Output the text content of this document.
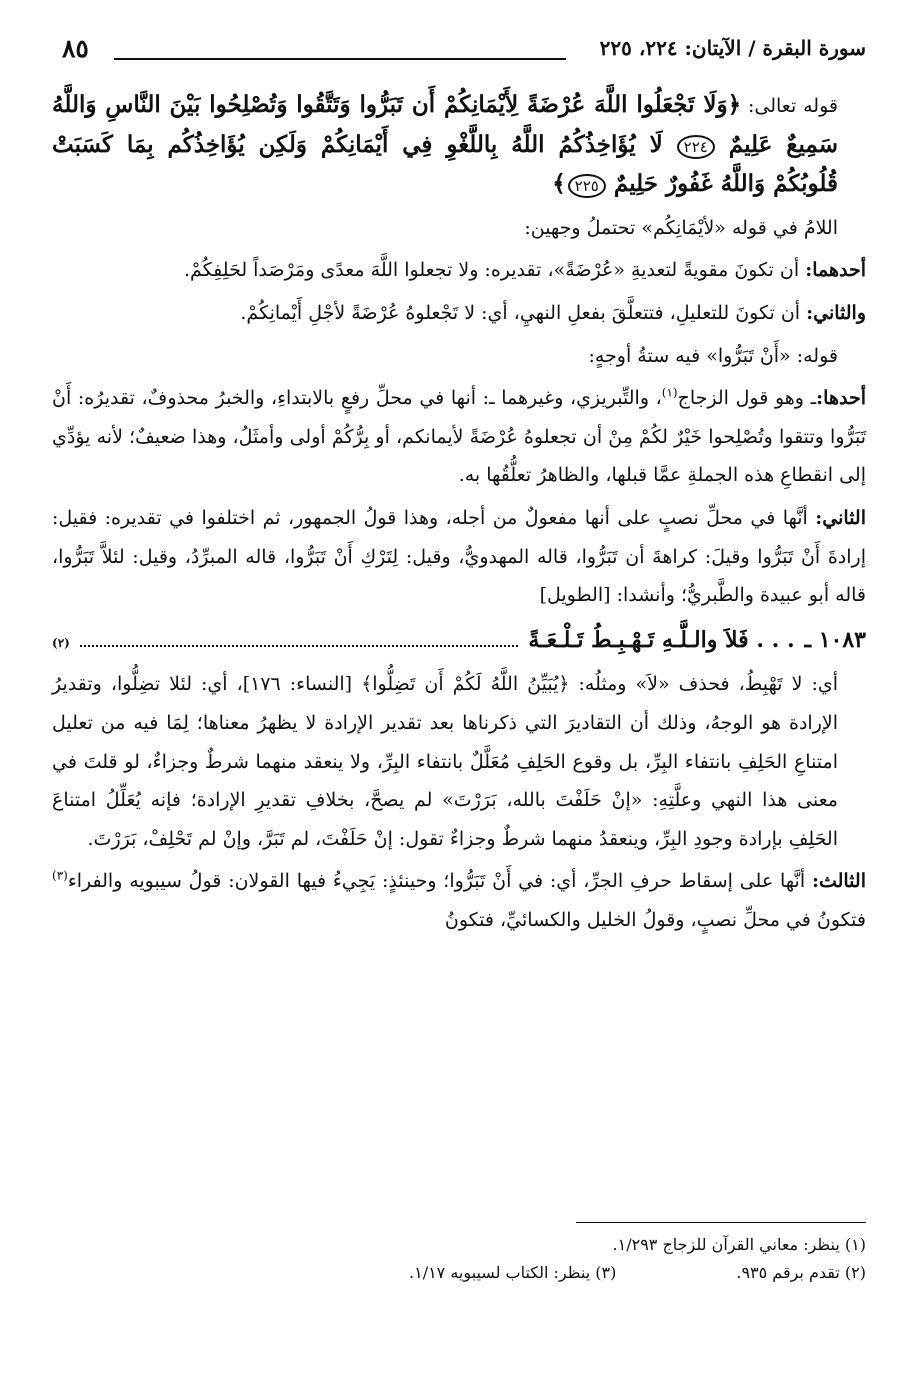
سورة البقرة / الآيتان: ٢٢٤، ٢٢٥
٨٥

قوله تعالى: ﴿وَلَا تَجْعَلُوا اللَّهَ عُرْضَةً لِأَيْمَانِكُمْ أَن تَبَرُّوا وَتَتَّقُوا وَتُصْلِحُوا بَيْنَ النَّاسِ وَاللَّهُ سَمِيعٌ عَلِيمٌ ٢٢٤ لَا يُؤَاخِذُكُمُ اللَّهُ بِاللَّغْوِ فِي أَيْمَانِكُمْ وَلَكِن يُؤَاخِذُكُم بِمَا كَسَبَتْ قُلُوبُكُمْ وَاللَّهُ غَفُورٌ حَلِيمٌ ٢٢٥﴾

اللامُ في قوله «لأيْمَانِكُم» تحتملُ وجهين:

أحدهما: أن تكونَ مقويةً لتعديةِ «عُرْضَةً»، تقديره: ولا تجعلوا اللَّهَ معدًى ومَرْصَداً لحَلِفِكُمْ.

والثاني: أن تكونَ للتعليلِ، فتتعلَّقَ بفعلِ النهيِ، أي: لا تَجْعلوهُ عُرْضَةً لأجْلِ أَيْمانِكُمْ.

قوله: «أَنْ تَبَرُّوا» فيه ستةُ أوجهٍ:

أحدها:ـ وهو قول الزجاج$^{(١)}$، والتِّبريزي، وغيرهما ـ: أنها في محلِّ رفعٍ بالابتداءِ، والخبرُ محذوفٌ، تقديرُه: أَنْ تَبَرُّوا وتتقوا وتُصْلِحوا خَيْرٌ لكُمْ مِنْ أن تجعلوهُ عُرْضَةً لأيمانكم، أو بِرُّكُمْ أولى وأمثَلُ، وهذا ضعيفٌ؛ لأنه يؤدِّي إلى انقطاعِ هذه الجملةِ عمَّا قبلها، والظاهرُ تعلُّقُها به.

الثاني: أنَّها في محلِّ نصبٍ على أنها مفعولٌ من أجله، وهذا قولُ الجمهور، ثم اختلفوا في تقديره: فقيل: إرادةَ أَنْ تَبَرُّوا وقيلَ: كراهةَ أن تَبَرُّوا، قاله المهدويُّ، وقيل: لِتَرْكِ أَنْ تَبَرُّوا، قاله المبرِّدُ، وقيل: لئلاَّ تَبَرُّوا، قاله أبو عبيدة والطَّبريُّ؛ وأنشدا: [الطويل]

١٠٨٣ ـ
. . . فَلاَ والـلَّـهِ تَـهْـبِـطُ تَـلْـعَـةً
(٢)

أي: لا تَهْبِطُ، فحذف «لاَ» ومثلُه: ﴿يُبَيِّنُ اللَّهُ لَكُمْ أَن تَضِلُّوا﴾ [النساء: ١٧٦]، أي: لئلا تضِلُّوا، وتقديرُ الإرادة هو الوجهُ، وذلك أن التقاديرَ التي ذكرناها بعد تقدير الإرادة لا يظهرُ معناها؛ لِمَا فيه من تعليل امتناعِ الحَلِفِ بانتفاء البِرِّ، بل وقوع الحَلِفِ مُعَلَّلٌ بانتفاء البِرِّ، ولا ينعقد منهما شرطٌ وجزاءٌ، لو قلتَ في معنى هذا النهي وعلَّتِهِ: «إنْ حَلَفْتَ بالله، بَرَرْتَ» لم يصحَّ، بخلافِ تقديرِ الإرادة؛ فإنه يُعَلِّلُ امتناعَ الحَلِفِ بإرادة وجودِ البِرِّ، وينعقدُ منهما شرطٌ وجزاءٌ تقول: إنْ حَلَفْتَ، لم تَبَرَّ، وإنْ لم تَحْلِفْ، بَرَرْتَ.

الثالث: أنَّها على إسقاط حرفِ الجرِّ، أي: في أَنْ تَبَرُّوا؛ وحينئذٍ: يَجِيءُ فيها القولان: قولُ سيبويه والفراء$^{(٣)}$ فتكونُ في محلِّ نصبٍ، وقولُ الخليل والكسائيِّ، فتكونُ

(١) ينظر: معاني القرآن للزجاج ١/٢٩٣.
(٢) تقدم برقم ٩٣٥.
(٣) ينظر: الكتاب لسيبويه ١/١٧.
